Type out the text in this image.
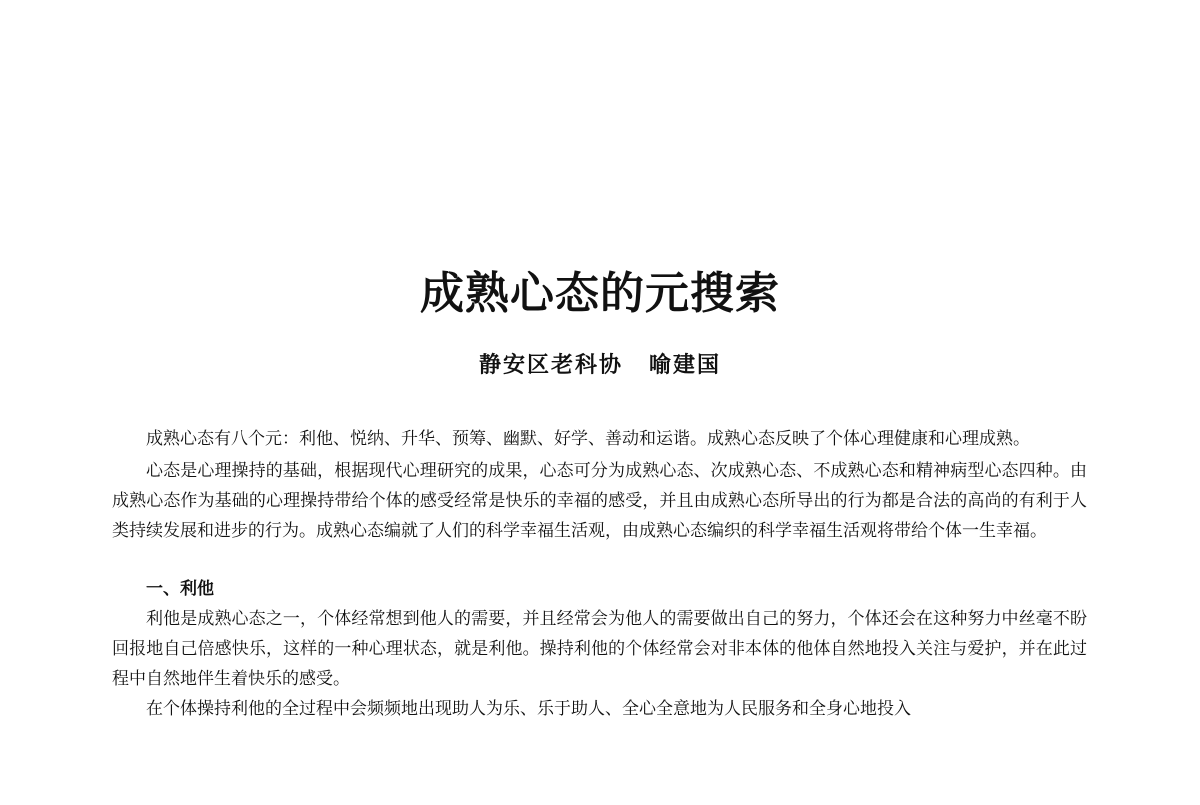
成熟心态的元搜索
静安区老科协 喻建国

成熟心态有八个元：利他、悦纳、升华、预筹、幽默、好学、善动和运谐。成熟心态反映了个体心理健康和心理成熟。

心态是心理操持的基础，根据现代心理研究的成果，心态可分为成熟心态、次成熟心态、不成熟心态和精神病型心态四种。由成熟心态作为基础的心理操持带给个体的感受经常是快乐的幸福的感受，并且由成熟心态所导出的行为都是合法的高尚的有利于人类持续发展和进步的行为。成熟心态编就了人们的科学幸福生活观，由成熟心态编织的科学幸福生活观将带给个体一生幸福。

一、利他

利他是成熟心态之一，个体经常想到他人的需要，并且经常会为他人的需要做出自己的努力，个体还会在这种努力中丝毫不盼回报地自己倍感快乐，这样的一种心理状态，就是利他。操持利他的个体经常会对非本体的他体自然地投入关注与爱护，并在此过程中自然地伴生着快乐的感受。

在个体操持利他的全过程中会频频地出现助人为乐、乐于助人、全心全意地为人民服务和全身心地投入
